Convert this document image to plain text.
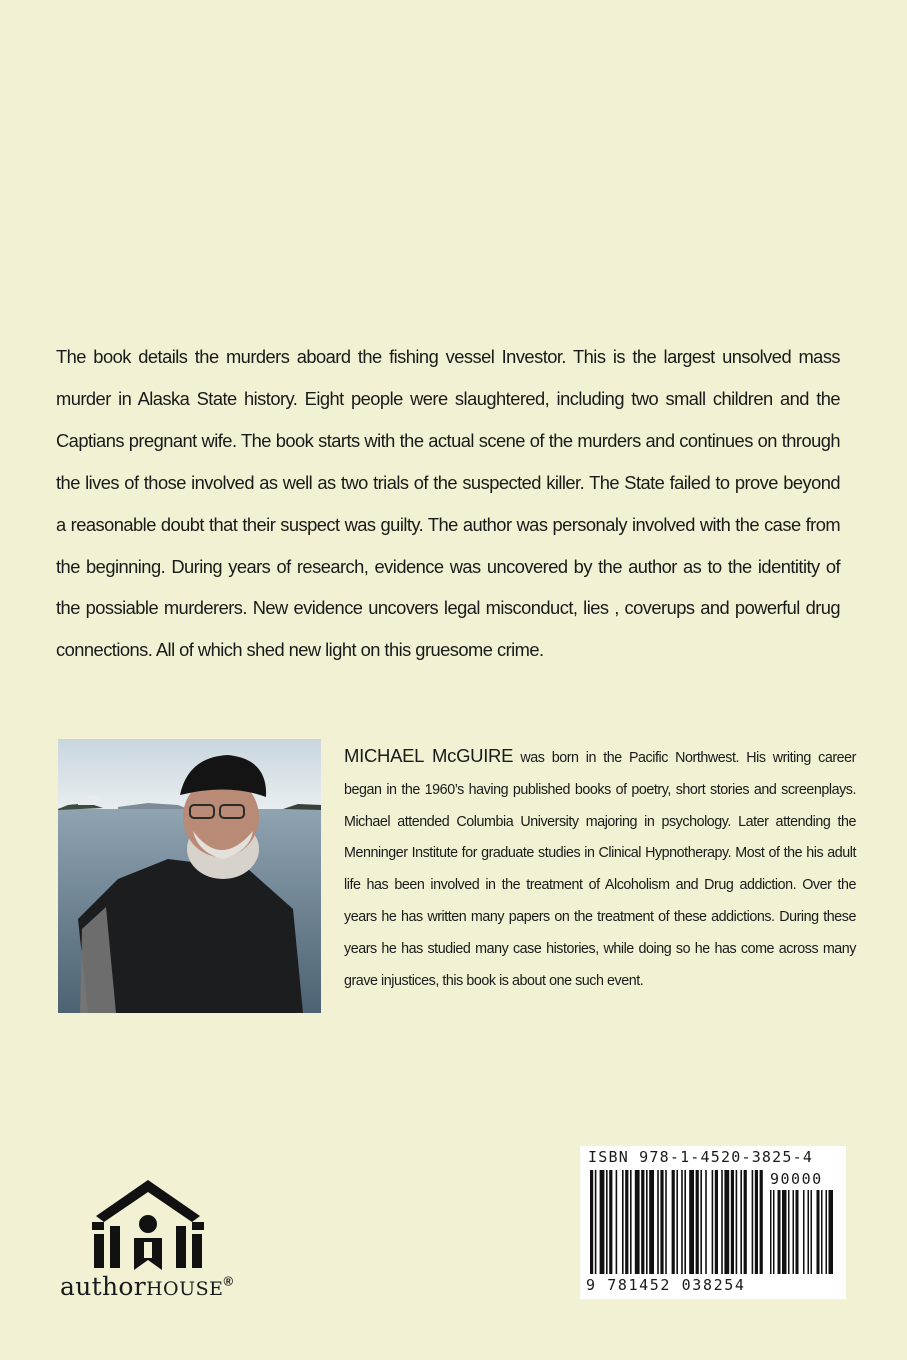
The book details the murders aboard the fishing vessel Investor. This is the largest unsolved mass murder in Alaska State history. Eight people were slaughtered, including two small children and the Captians pregnant wife. The book starts with the actual scene of the murders and continues on through the lives of those involved as well as two trials of the suspected killer. The State failed to prove beyond a reasonable doubt that their suspect was guilty. The author was personaly involved with the case from the beginning. During years of research, evidence was uncovered by the author as to the identitity of the possiable murderers. New evidence uncovers legal misconduct, lies , coverups and powerful drug connections. All of which shed new light on this gruesome crime.

MICHAEL McGUIRE was born in the Pacific Northwest. His writing career began in the 1960’s having published books of poetry, short stories and screenplays. Michael attended Columbia University majoring in psychology. Later attending the Menninger Institute for graduate studies in Clinical Hypnotherapy. Most of the his adult life has been involved in the treatment of Alcoholism and Drug addiction. Over the years he has written many papers on the treatment of these addictions. During these years he has studied many case histories, while doing so he has come across many grave injustices, this book is about one such event.

authorHOUSE®
ISBN 978-1-4520-3825-4
90000
9 781452 038254
